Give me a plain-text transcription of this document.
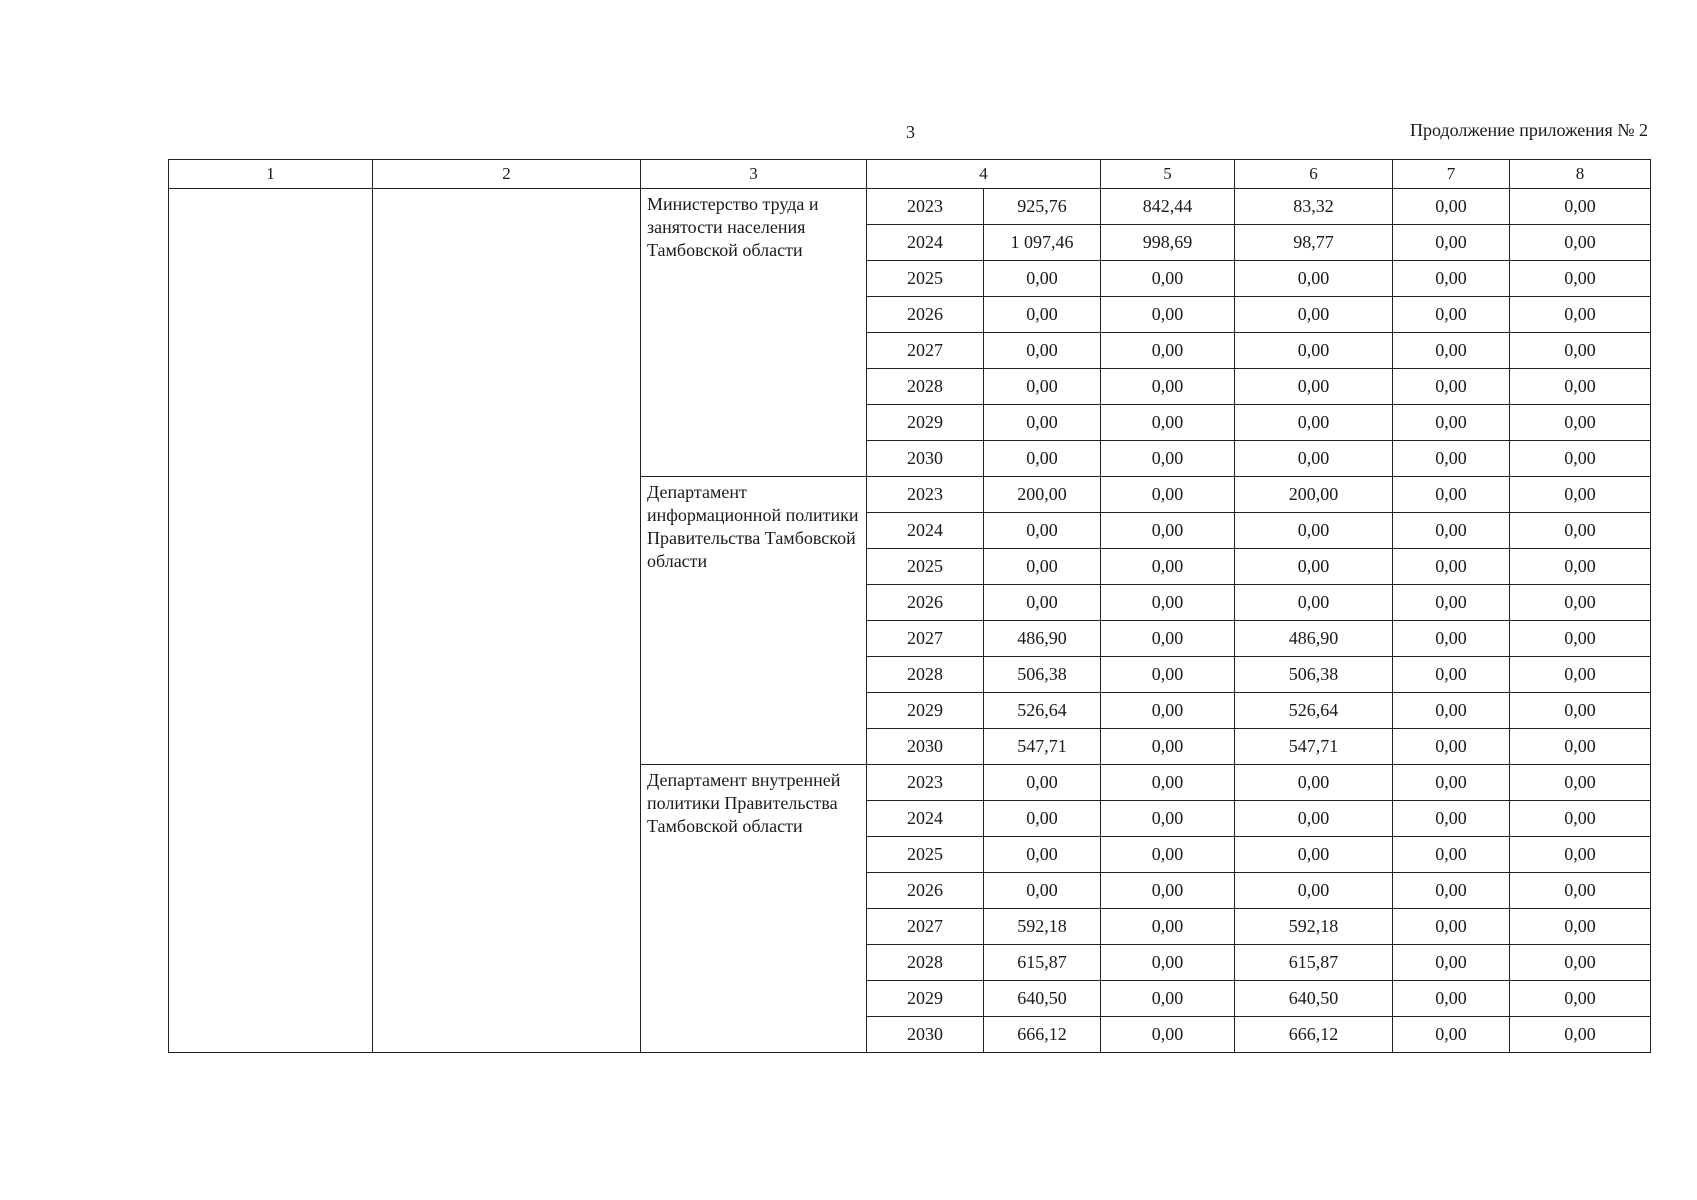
3	Продолжение приложения № 2
1	2	3	4		5	6	7	8
		Министерство труда и занятости населения Тамбовской области	2023	925,76	842,44	83,32	0,00	0,00
			2024	1 097,46	998,69	98,77	0,00	0,00
			2025	0,00	0,00	0,00	0,00	0,00
			2026	0,00	0,00	0,00	0,00	0,00
			2027	0,00	0,00	0,00	0,00	0,00
			2028	0,00	0,00	0,00	0,00	0,00
			2029	0,00	0,00	0,00	0,00	0,00
			2030	0,00	0,00	0,00	0,00	0,00
		Департамент информационной политики Правительства Тамбовской области	2023	200,00	0,00	200,00	0,00	0,00
			2024	0,00	0,00	0,00	0,00	0,00
			2025	0,00	0,00	0,00	0,00	0,00
			2026	0,00	0,00	0,00	0,00	0,00
			2027	486,90	0,00	486,90	0,00	0,00
			2028	506,38	0,00	506,38	0,00	0,00
			2029	526,64	0,00	526,64	0,00	0,00
			2030	547,71	0,00	547,71	0,00	0,00
		Департамент внутренней политики Правительства Тамбовской области	2023	0,00	0,00	0,00	0,00	0,00
			2024	0,00	0,00	0,00	0,00	0,00
			2025	0,00	0,00	0,00	0,00	0,00
			2026	0,00	0,00	0,00	0,00	0,00
			2027	592,18	0,00	592,18	0,00	0,00
			2028	615,87	0,00	615,87	0,00	0,00
			2029	640,50	0,00	640,50	0,00	0,00
			2030	666,12	0,00	666,12	0,00	0,00
